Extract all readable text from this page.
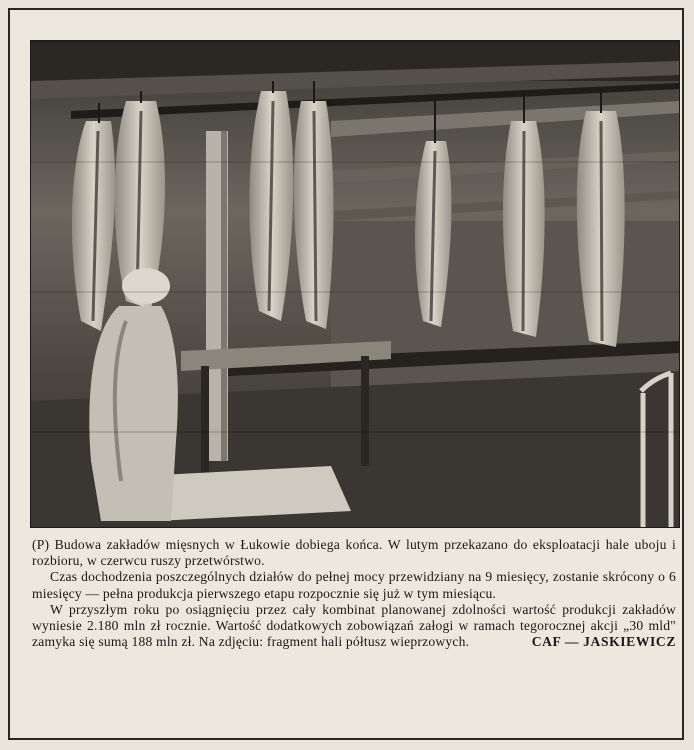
(P) Budowa zakładów mięsnych w Łukowie dobiega końca. W lutym przekazano do eksploatacji hale uboju i rozbioru, w czerwcu ruszy przetwórstwo.

Czas dochodzenia poszczególnych działów do pełnej mocy przewidziany na 9 miesięcy, zostanie skrócony o 6 miesięcy — pełna produkcja pierwszego etapu rozpocznie się już w tym miesiącu.

W przyszłym roku po osiągnięciu przez cały kombinat planowanej zdolności wartość produkcji zakładów wyniesie 2.180 mln zł rocznie. Wartość dodatkowych zobowiązań załogi w ramach tegorocznej akcji „30 mld" zamyka się sumą 188 mln zł. Na zdjęciu: fragment hali półtusz wieprzowych.	CAF — JASKIEWICZ
